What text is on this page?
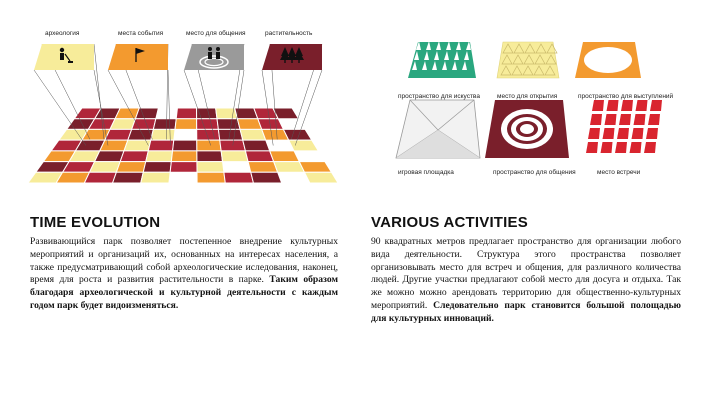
археология	места события	место для общения	растительность
пространство для искуства	место для открытия	пространство для выступлений
игровая площадка	пространство для общения	место встречи
TIME EVOLUTION	VARIOUS ACTIVITIES
Развивающийся парк позволяет постепенное внедрение культурных мероприятий и организаций их, основанных на интересах населения, а также предусматривающий собой археологические иследования, наконец, время для роста и развития растительности в парке. Таким образом благодаря археологической и культурной деятельности с каждым годом парк будет видоизменяться.
90 квадратных метров предлагает пространство для организации любого вида деятельности. Структура этого пространства позволяет организовывать место для встреч и общения, для различного количества людей. Другие участки предлагают собой место для досуга и отдыха. Так же можно можно арендовать территорию для общественно-культурных мероприятий. Следовательно парк становится большой полощадью для культурных инноваций.
